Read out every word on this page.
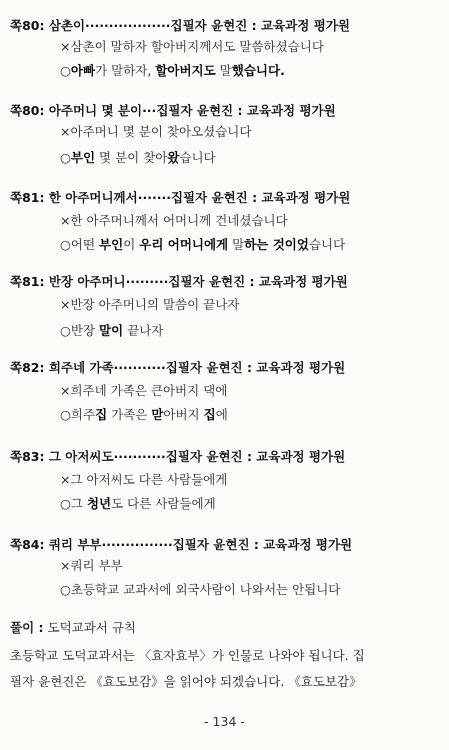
쪽80: 삼촌이··················집필자 윤현진 : 교육과정 평가원
×삼촌이 말하자 할아버지께서도 말씀하셨습니다
○아빠가 말하자, 할아버지도 말했습니다.
쪽80: 아주머니 몇 분이···집필자 윤현진 : 교육과정 평가원
×아주머니 몇 분이 찾아오셨습니다
○부인 몇 분이 찾아왔습니다
쪽81: 한 아주머니께서·······집필자 윤현진 : 교육과정 평가원
×한 아주머니께서 어머니께 건네셨습니다
○어떤 부인이 우리 어머니에게 말하는 것이었습니다
쪽81: 반장 아주머니·········집필자 윤현진 : 교육과정 평가원
×반장 아주머니의 말씀이 끝나자
○반장 말이 끝나자
쪽82: 희주네 가족···········집필자 윤현진 : 교육과정 평가원
×희주네 가족은 큰아버지 댁에
○희주집 가족은 맏아버지 집에
쪽83: 그 아저씨도···········집필자 윤현진 : 교육과정 평가원
×그 아저씨도 다른 사람들에게
○그 청년도 다른 사람들에게
쪽84: 쿼리 부부···············집필자 윤현진 : 교육과정 평가원
×쿼리 부부
○초등학교 교과서에 외국사람이 나와서는 안됩니다
풀이 : 도덕교과서 규칙
초등학교 도덕교과서는 〈효자효부〉가 인물로 나와야 됩니다. 집
필자 윤현진은 《효도보감》을 읽어야 되겠습니다. 《효도보감》
- 134 -
